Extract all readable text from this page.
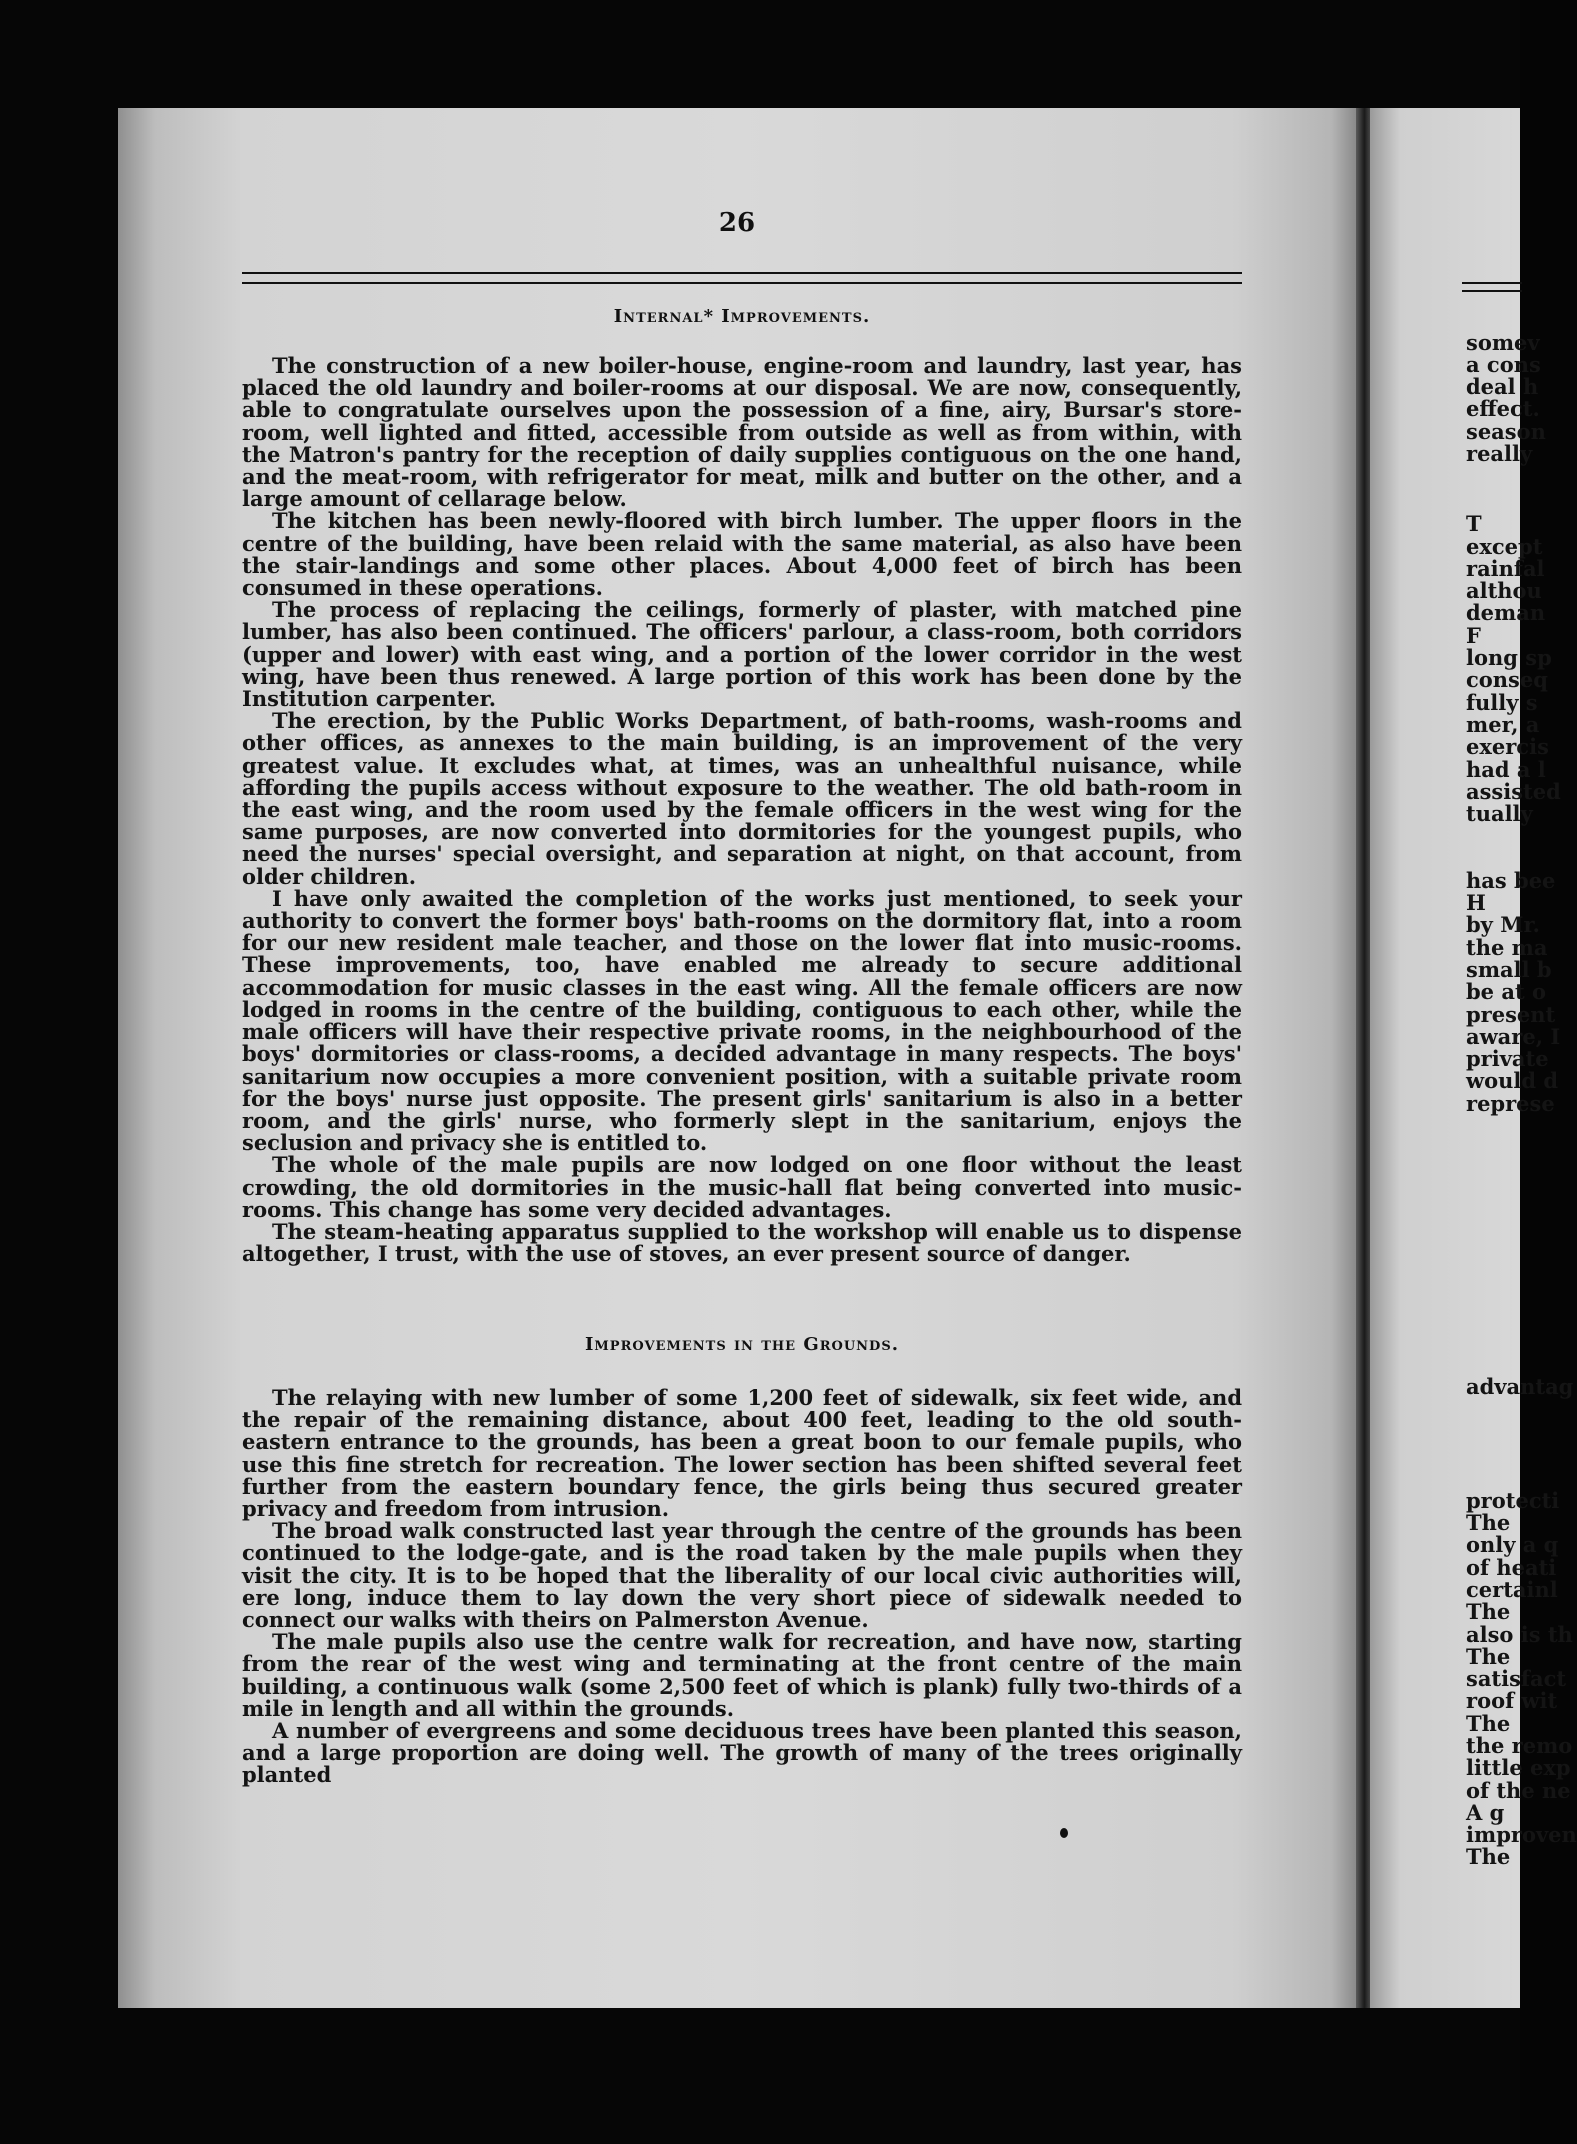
26
Internal* Improvements.

The construction of a new boiler-house, engine-room and laundry, last year, has placed the old laundry and boiler-rooms at our disposal. We are now, consequently, able to congratulate ourselves upon the possession of a fine, airy, Bursar's store-room, well lighted and fitted, accessible from outside as well as from within, with the Matron's pantry for the reception of daily supplies contiguous on the one hand, and the meat-room, with refrigerator for meat, milk and butter on the other, and a large amount of cellarage below.

The kitchen has been newly-floored with birch lumber. The upper floors in the centre of the building, have been relaid with the same material, as also have been the stair-landings and some other places. About 4,000 feet of birch has been consumed in these operations.

The process of replacing the ceilings, formerly of plaster, with matched pine lumber, has also been continued. The officers' parlour, a class-room, both corridors (upper and lower) with east wing, and a portion of the lower corridor in the west wing, have been thus renewed. A large portion of this work has been done by the Institution carpenter.

The erection, by the Public Works Department, of bath-rooms, wash-rooms and other offices, as annexes to the main building, is an improvement of the very greatest value. It excludes what, at times, was an unhealthful nuisance, while affording the pupils access without exposure to the weather. The old bath-room in the east wing, and the room used by the female officers in the west wing for the same purposes, are now converted into dormitories for the youngest pupils, who need the nurses' special oversight, and separation at night, on that account, from older children.

I have only awaited the completion of the works just mentioned, to seek your authority to convert the former boys' bath-rooms on the dormitory flat, into a room for our new resident male teacher, and those on the lower flat into music-rooms. These improvements, too, have enabled me already to secure additional accommodation for music classes in the east wing. All the female officers are now lodged in rooms in the centre of the building, contiguous to each other, while the male officers will have their respective private rooms, in the neighbourhood of the boys' dormitories or class-rooms, a decided advantage in many respects. The boys' sanitarium now occupies a more convenient position, with a suitable private room for the boys' nurse just opposite. The present girls' sanitarium is also in a better room, and the girls' nurse, who formerly slept in the sanitarium, enjoys the seclusion and privacy she is entitled to.

The whole of the male pupils are now lodged on one floor without the least crowding, the old dormitories in the music-hall flat being converted into music-rooms. This change has some very decided advantages.

The steam-heating apparatus supplied to the workshop will enable us to dispense altogether, I trust, with the use of stoves, an ever present source of danger.

Improvements in the Grounds.

The relaying with new lumber of some 1,200 feet of sidewalk, six feet wide, and the repair of the remaining distance, about 400 feet, leading to the old south-eastern entrance to the grounds, has been a great boon to our female pupils, who use this fine stretch for recreation. The lower section has been shifted several feet further from the eastern boundary fence, the girls being thus secured greater privacy and freedom from intrusion.

The broad walk constructed last year through the centre of the grounds has been continued to the lodge-gate, and is the road taken by the male pupils when they visit the city. It is to be hoped that the liberality of our local civic authorities will, ere long, induce them to lay down the very short piece of sidewalk needed to connect our walks with theirs on Palmerston Avenue.

The male pupils also use the centre walk for recreation, and have now, starting from the rear of the west wing and terminating at the front centre of the main building, a continuous walk (some 2,500 feet of which is plank) fully two-thirds of a mile in length and all within the grounds.

A number of evergreens and some deciduous trees have been planted this season, and a large proportion are doing well. The growth of many of the trees originally planted

somev
a cons
deal h
effect.
season
really
T
except
rainfal
althou
deman
F
long sp
conseq
fully s
mer, a
exercis
had a l
assisted
tually
has bee
H
by Mr.
the ma
small b
be at o
present
aware, I
private
would d
represe
protecti
The
only a q
of heati
certainl
The
also is th
The
satisfact
roof wit
The
the remo
little exp
of the ne
A g
improven
The
advantag
